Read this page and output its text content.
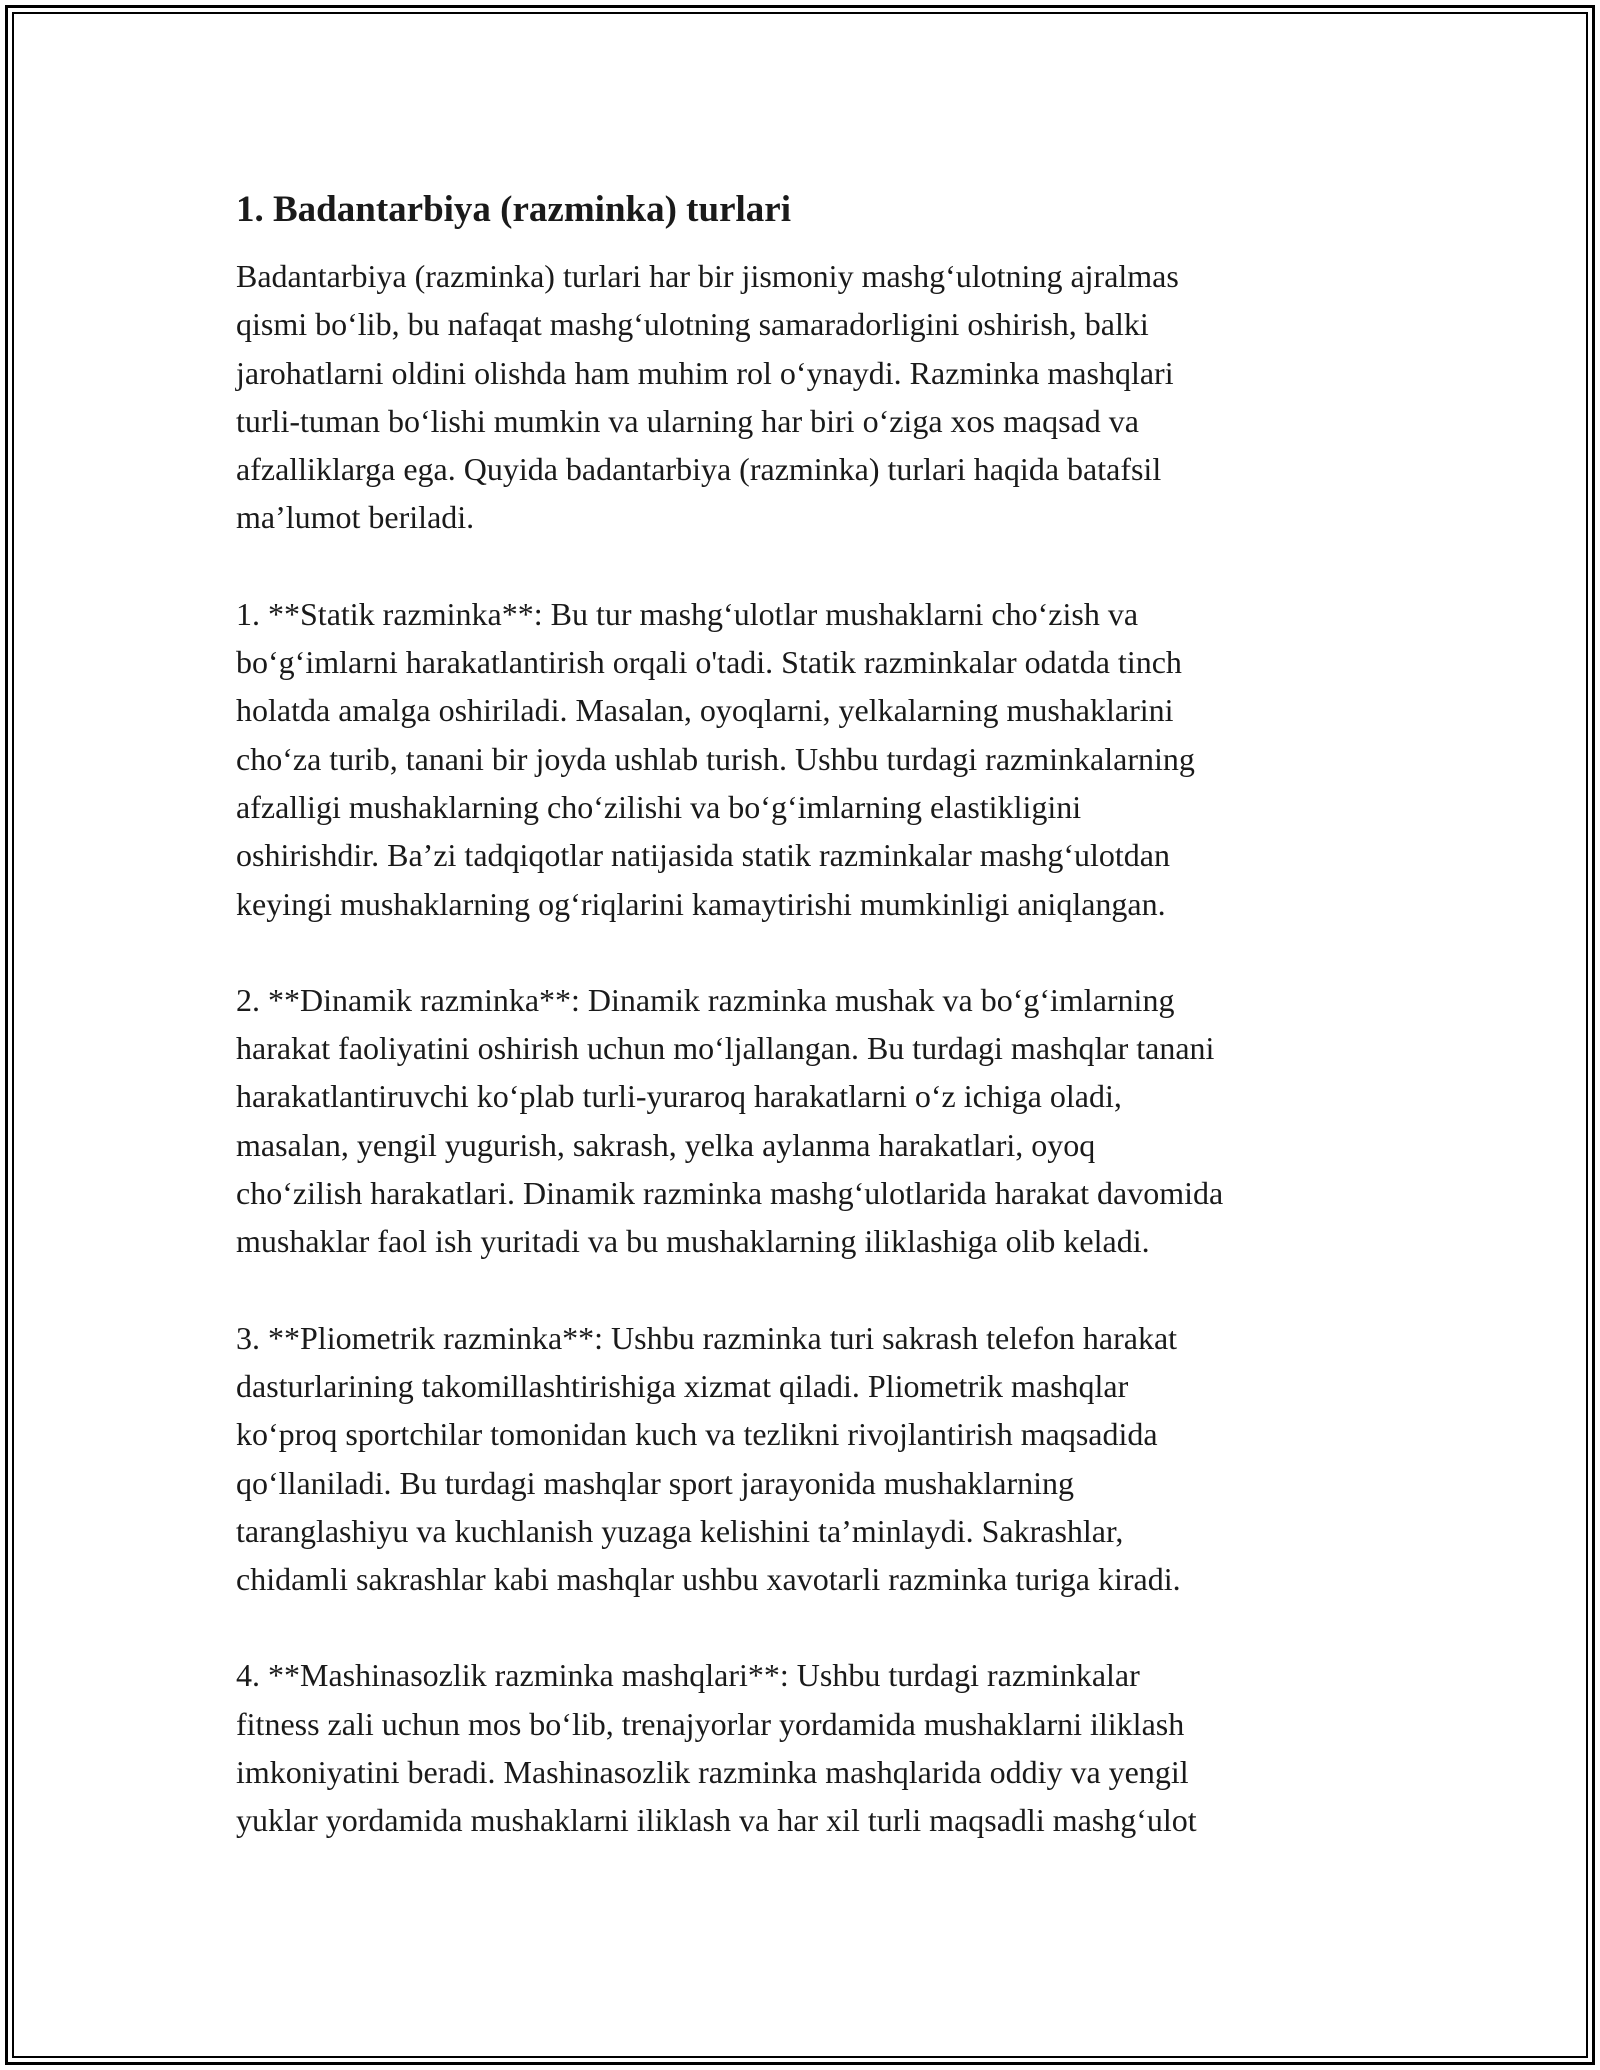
1. Badantarbiya (razminka) turlari

Badantarbiya (razminka) turlari har bir jismoniy mashg‘ulotning ajralmas
qismi bo‘lib, bu nafaqat mashg‘ulotning samaradorligini oshirish, balki
jarohatlarni oldini olishda ham muhim rol o‘ynaydi. Razminka mashqlari
turli-tuman bo‘lishi mumkin va ularning har biri o‘ziga xos maqsad va
afzalliklarga ega. Quyida badantarbiya (razminka) turlari haqida batafsil
ma’lumot beriladi.

1. **Statik razminka**: Bu tur mashg‘ulotlar mushaklarni cho‘zish va
bo‘g‘imlarni harakatlantirish orqali o'tadi. Statik razminkalar odatda tinch
holatda amalga oshiriladi. Masalan, oyoqlarni, yelkalarning mushaklarini
cho‘za turib, tanani bir joyda ushlab turish. Ushbu turdagi razminkalarning
afzalligi mushaklarning cho‘zilishi va bo‘g‘imlarning elastikligini
oshirishdir. Ba’zi tadqiqotlar natijasida statik razminkalar mashg‘ulotdan
keyingi mushaklarning og‘riqlarini kamaytirishi mumkinligi aniqlangan.

2. **Dinamik razminka**: Dinamik razminka mushak va bo‘g‘imlarning
harakat faoliyatini oshirish uchun mo‘ljallangan. Bu turdagi mashqlar tanani
harakatlantiruvchi ko‘plab turli-yuraroq harakatlarni o‘z ichiga oladi,
masalan, yengil yugurish, sakrash, yelka aylanma harakatlari, oyoq
cho‘zilish harakatlari. Dinamik razminka mashg‘ulotlarida harakat davomida
mushaklar faol ish yuritadi va bu mushaklarning iliklashiga olib keladi.

3. **Pliometrik razminka**: Ushbu razminka turi sakrash telefon harakat
dasturlarining takomillashtirishiga xizmat qiladi. Pliometrik mashqlar
ko‘proq sportchilar tomonidan kuch va tezlikni rivojlantirish maqsadida
qo‘llaniladi. Bu turdagi mashqlar sport jarayonida mushaklarning
taranglashiyu va kuchlanish yuzaga kelishini ta’minlaydi. Sakrashlar,
chidamli sakrashlar kabi mashqlar ushbu xavotarli razminka turiga kiradi.

4. **Mashinasozlik razminka mashqlari**: Ushbu turdagi razminkalar
fitness zali uchun mos bo‘lib, trenajyorlar yordamida mushaklarni iliklash
imkoniyatini beradi. Mashinasozlik razminka mashqlarida oddiy va yengil
yuklar yordamida mushaklarni iliklash va har xil turli maqsadli mashg‘ulot
